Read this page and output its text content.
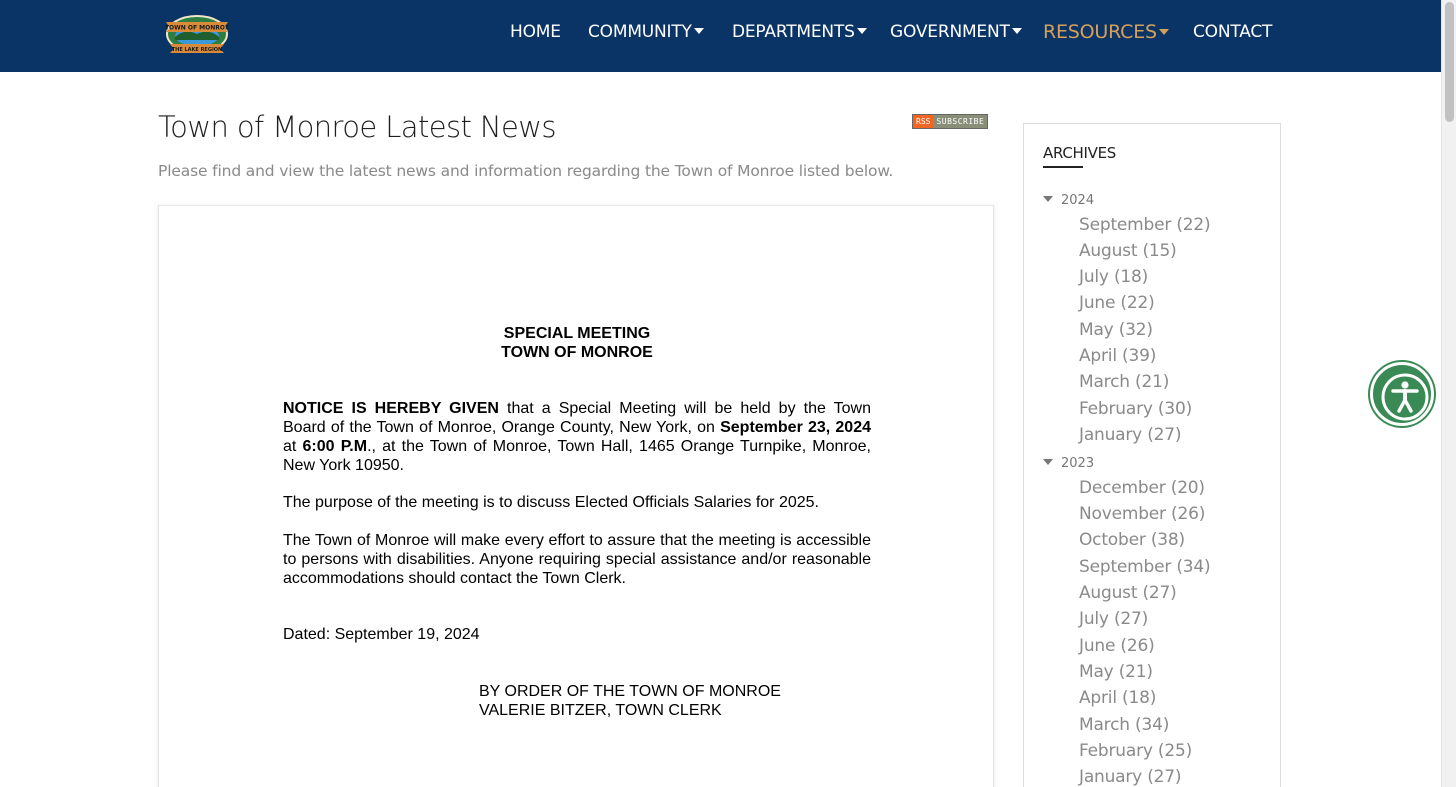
TOWN OF MONROE
THE LAKE REGION
HOME COMMUNITY	DEPARTMENTS	GOVERNMENT	RESOURCES	CONTACT
Town of Monroe Latest News
Please find and view the latest news and information regarding the Town of Monroe listed below.
RSS SUBSCRIBE
SPECIAL MEETING
TOWN OF MONROE

NOTICE IS HEREBY GIVEN that a Special Meeting will be held by the Town Board of the Town of Monroe, Orange County, New York, on September 23, 2024 at 6:00 P.M., at the Town of Monroe, Town Hall, 1465 Orange Turnpike, Monroe, New York 10950.

The purpose of the meeting is to discuss Elected Officials Salaries for 2025.

The Town of Monroe will make every effort to assure that the meeting is accessible to persons with disabilities. Anyone requiring special assistance and/or reasonable accommodations should contact the Town Clerk.

Dated: September 19, 2024
BY ORDER OF THE TOWN OF MONROE
VALERIE BITZER, TOWN CLERK
ARCHIVES
2024
September (22)
August (15)
July (18)
June (22)
May (32)
April (39)
March (21)
February (30)
January (27)
2023
December (20)
November (26)
October (38)
September (34)
August (27)
July (27)
June (26)
May (21)
April (18)
March (34)
February (25)
January (27)
